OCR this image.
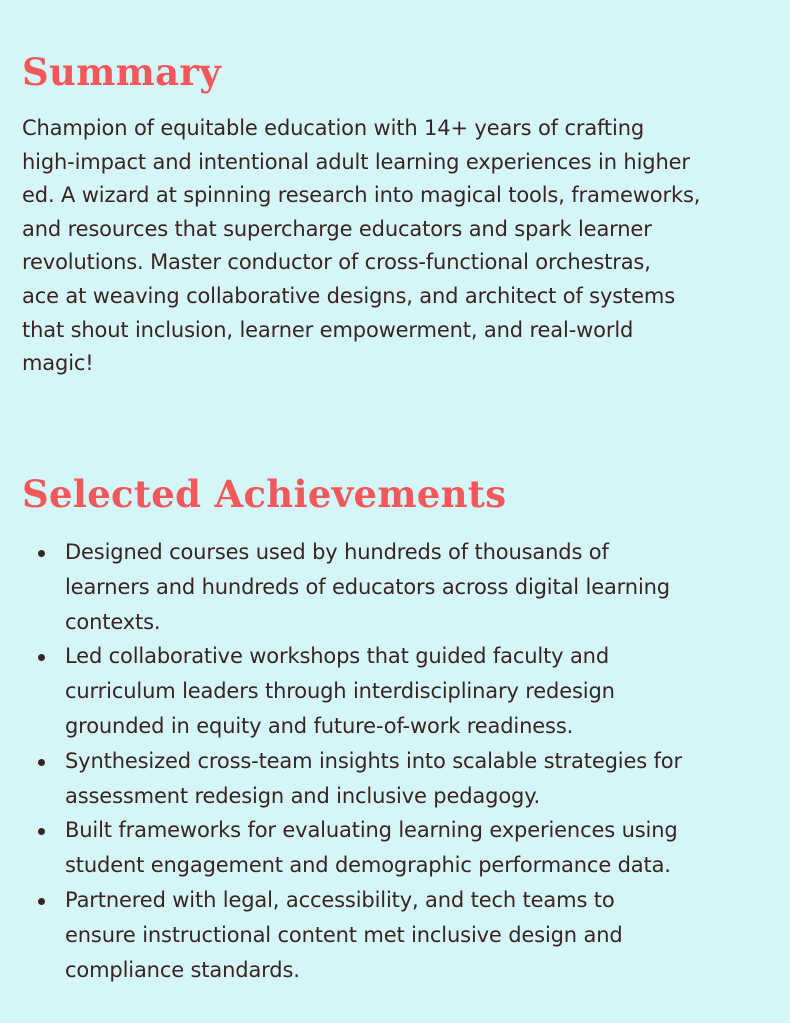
Summary

Champion of equitable education with 14+ years of crafting
high-impact and intentional adult learning experiences in higher
ed. A wizard at spinning research into magical tools, frameworks,
and resources that supercharge educators and spark learner
revolutions. Master conductor of cross-functional orchestras,
ace at weaving collaborative designs, and architect of systems
that shout inclusion, learner empowerment, and real-world
magic!

Selected Achievements
Designed courses used by hundreds of thousands of
learners and hundreds of educators across digital learning
contexts.
Led collaborative workshops that guided faculty and
curriculum leaders through interdisciplinary redesign
grounded in equity and future-of-work readiness.
Synthesized cross-team insights into scalable strategies for
assessment redesign and inclusive pedagogy.
Built frameworks for evaluating learning experiences using
student engagement and demographic performance data.
Partnered with legal, accessibility, and tech teams to
ensure instructional content met inclusive design and
compliance standards.
